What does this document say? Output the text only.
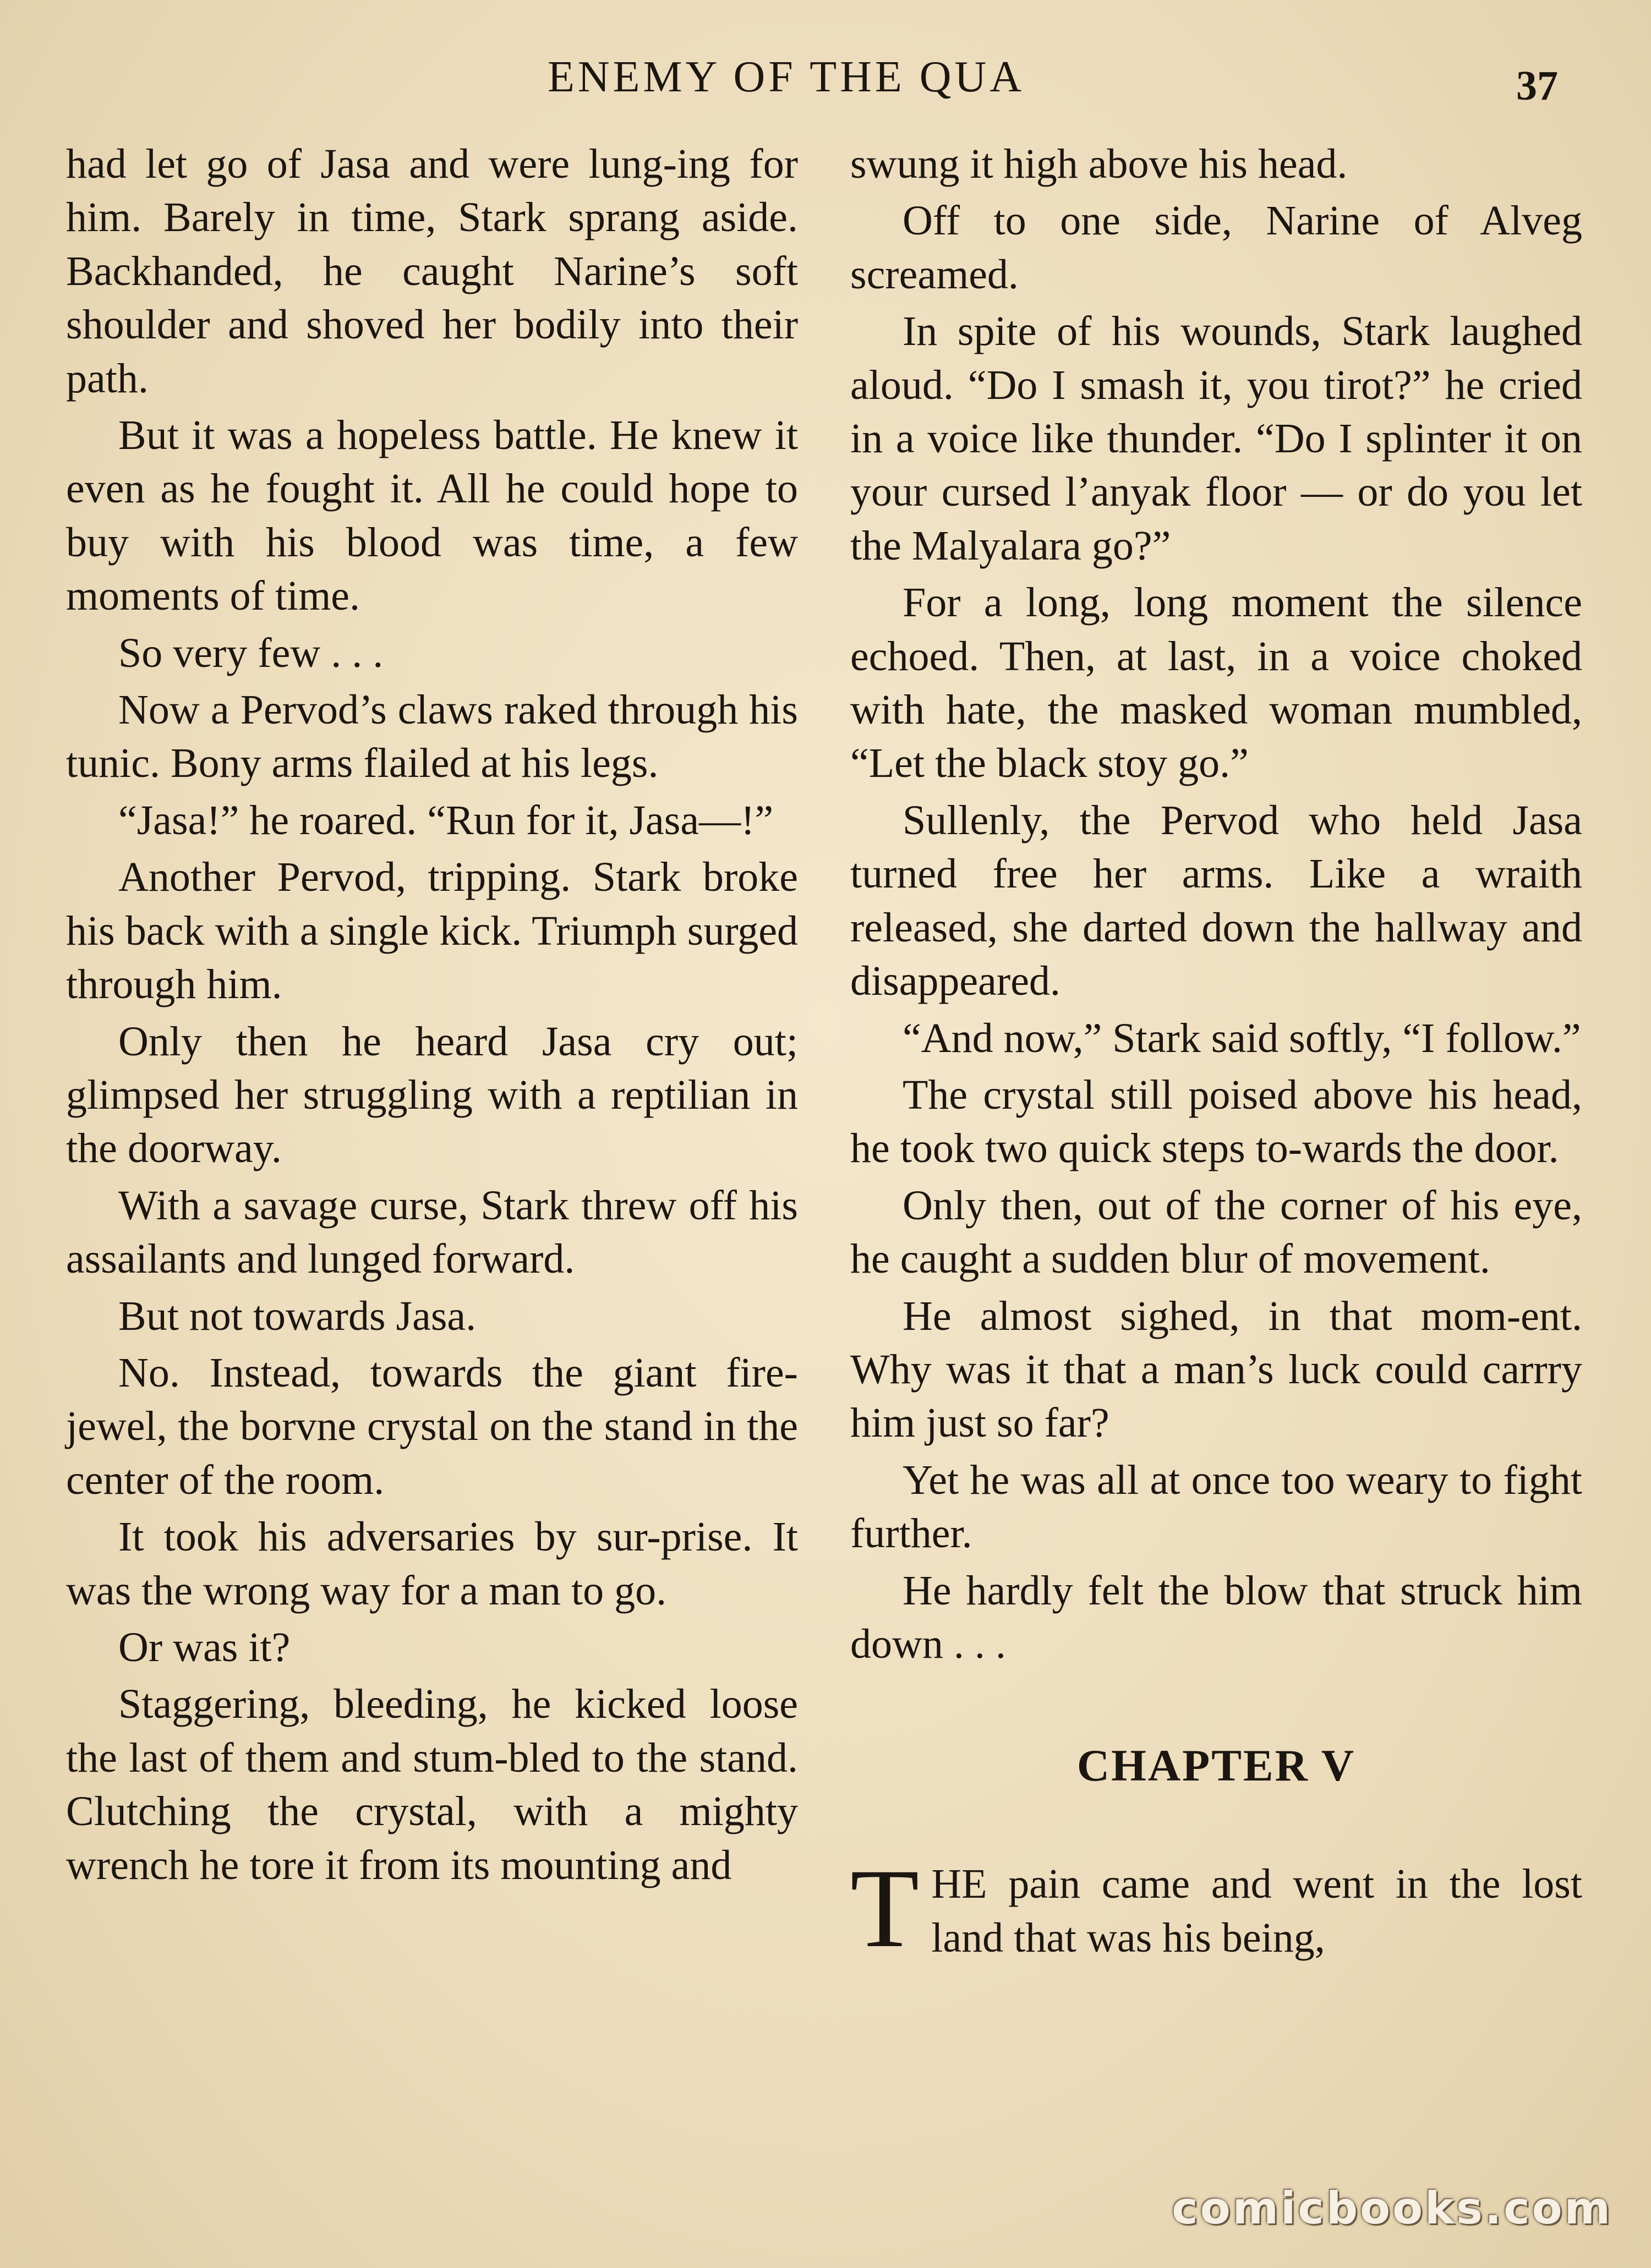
ENEMY OF THE QUA	37

had let go of Jasa and were lung-ing for him. Barely in time, Stark sprang aside. Backhanded, he caught Narine’s soft shoulder and shoved her bodily into their path.

But it was a hopeless battle. He knew it even as he fought it. All he could hope to buy with his blood was time, a few moments of time.

So very few . . .

Now a Pervod’s claws raked through his tunic. Bony arms flailed at his legs.

“Jasa!” he roared. “Run for it, Jasa—!”

Another Pervod, tripping. Stark broke his back with a single kick. Triumph surged through him.

Only then he heard Jasa cry out; glimpsed her struggling with a reptilian in the doorway.

With a savage curse, Stark threw off his assailants and lunged forward.

But not towards Jasa.

No. Instead, towards the giant fire-jewel, the borvne crystal on the stand in the center of the room.

It took his adversaries by sur-prise. It was the wrong way for a man to go.

Or was it?

Staggering, bleeding, he kicked loose the last of them and stum-bled to the stand. Clutching the crystal, with a mighty wrench he tore it from its mounting and

swung it high above his head.

Off to one side, Narine of Alveg screamed.

In spite of his wounds, Stark laughed aloud. “Do I smash it, you tirot?” he cried in a voice like thunder. “Do I splinter it on your cursed l’anyak floor — or do you let the Malyalara go?”

For a long, long moment the silence echoed. Then, at last, in a voice choked with hate, the masked woman mumbled, “Let the black stoy go.”

Sullenly, the Pervod who held Jasa turned free her arms. Like a wraith released, she darted down the hallway and disappeared.

“And now,” Stark said softly, “I follow.”

The crystal still poised above his head, he took two quick steps to-wards the door.

Only then, out of the corner of his eye, he caught a sudden blur of movement.

He almost sighed, in that mom-ent. Why was it that a man’s luck could carrry him just so far?

Yet he was all at once too weary to fight further.

He hardly felt the blow that struck him down . . .

CHAPTER V

T HE pain came and went in the lost land that was his being,

comicbooks.com
